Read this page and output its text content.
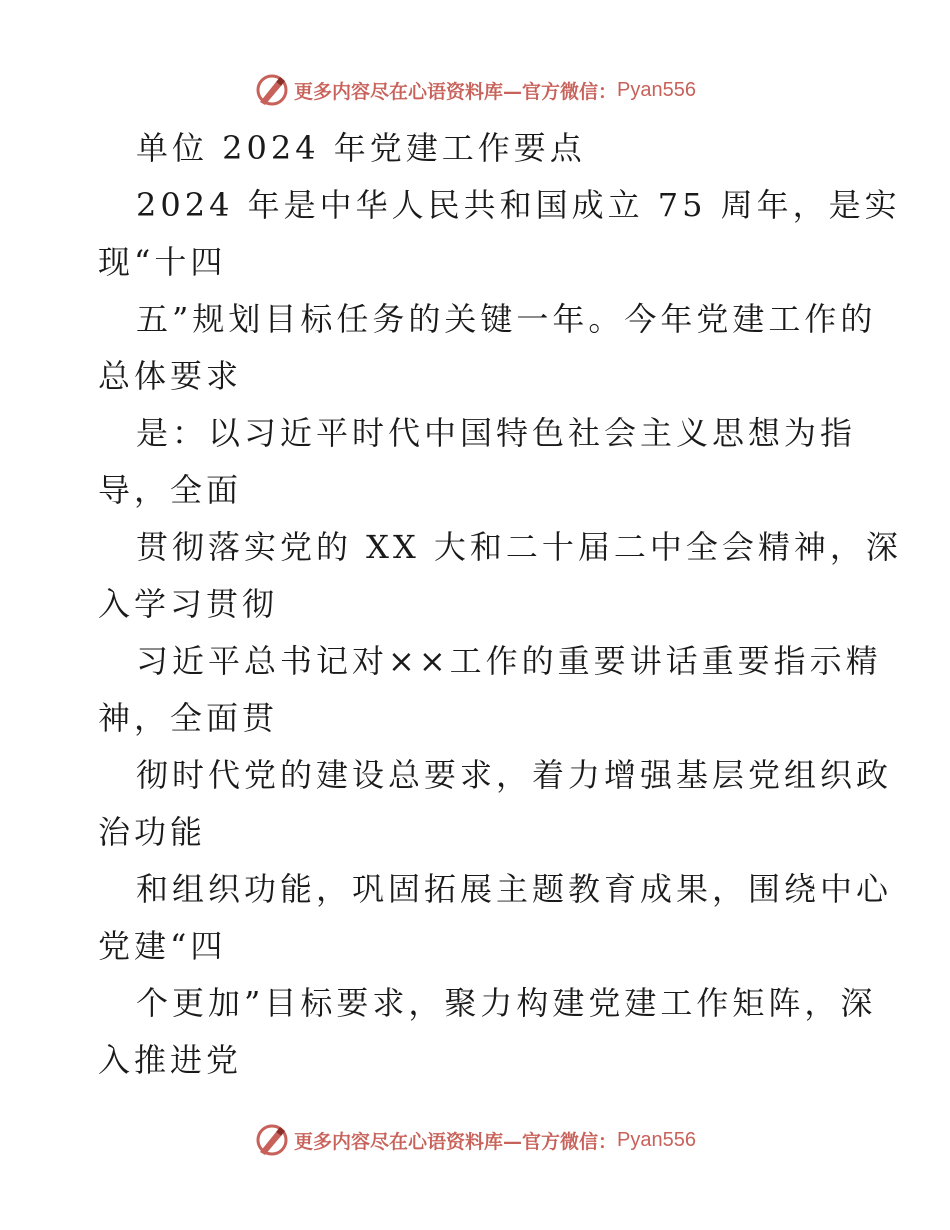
更多内容尽在心语资料库—官方微信： Pyan556
单位 2024 年党建工作要点
2024 年是中华人民共和国成立 75 周年，是实
现“十四
五”规划目标任务的关键一年。今年党建工作的
总体要求
是：以习近平时代中国特色社会主义思想为指
导，全面
贯彻落实党的 XX 大和二十届二中全会精神，深
入学习贯彻
习近平总书记对××工作的重要讲话重要指示精
神，全面贯
彻时代党的建设总要求，着力增强基层党组织政
治功能
和组织功能，巩固拓展主题教育成果，围绕中心
党建“四
个更加”目标要求，聚力构建党建工作矩阵，深
入推进党
更多内容尽在心语资料库—官方微信： Pyan556
